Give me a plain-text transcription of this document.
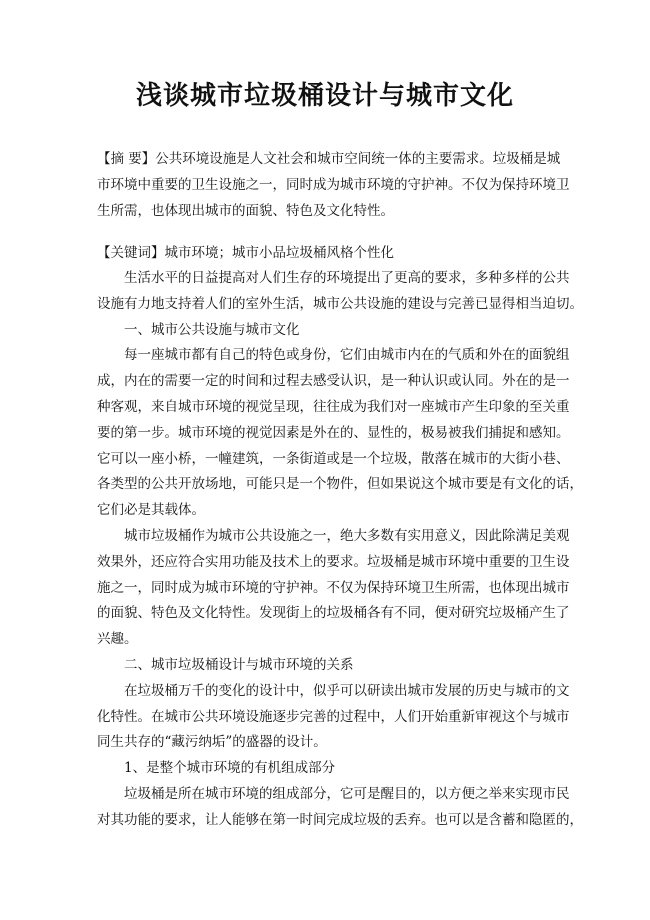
浅谈城市垃圾桶设计与城市文化
【摘 要】公共环境设施是人文社会和城市空间统一体的主要需求。垃圾桶是城
市环境中重要的卫生设施之一，同时成为城市环境的守护神。不仅为保持环境卫
生所需，也体现出城市的面貌、特色及文化特性。
【关键词】城市环境；城市小品垃圾桶风格个性化
生活水平的日益提高对人们生存的环境提出了更高的要求，多种多样的公共
设施有力地支持着人们的室外生活，城市公共设施的建设与完善已显得相当迫切。
一、城市公共设施与城市文化
每一座城市都有自己的特色或身份，它们由城市内在的气质和外在的面貌组
成，内在的需要一定的时间和过程去感受认识，是一种认识或认同。外在的是一
种客观，来自城市环境的视觉呈现，往往成为我们对一座城市产生印象的至关重
要的第一步。城市环境的视觉因素是外在的、显性的，极易被我们捕捉和感知。
它可以一座小桥，一幢建筑，一条街道或是一个垃圾，散落在城市的大街小巷、
各类型的公共开放场地，可能只是一个物件，但如果说这个城市要是有文化的话，
它们必是其载体。
城市垃圾桶作为城市公共设施之一，绝大多数有实用意义，因此除满足美观
效果外，还应符合实用功能及技术上的要求。垃圾桶是城市环境中重要的卫生设
施之一，同时成为城市环境的守护神。不仅为保持环境卫生所需，也体现出城市
的面貌、特色及文化特性。发现街上的垃圾桶各有不同，便对研究垃圾桶产生了
兴趣。
二、城市垃圾桶设计与城市环境的关系
在垃圾桶万千的变化的设计中，似乎可以研读出城市发展的历史与城市的文
化特性。在城市公共环境设施逐步完善的过程中，人们开始重新审视这个与城市
同生共存的“藏污纳垢”的盛器的设计。
1、是整个城市环境的有机组成部分
垃圾桶是所在城市环境的组成部分，它可是醒目的，以方便之举来实现市民
对其功能的要求，让人能够在第一时间完成垃圾的丢弃。也可以是含蓄和隐匿的，
